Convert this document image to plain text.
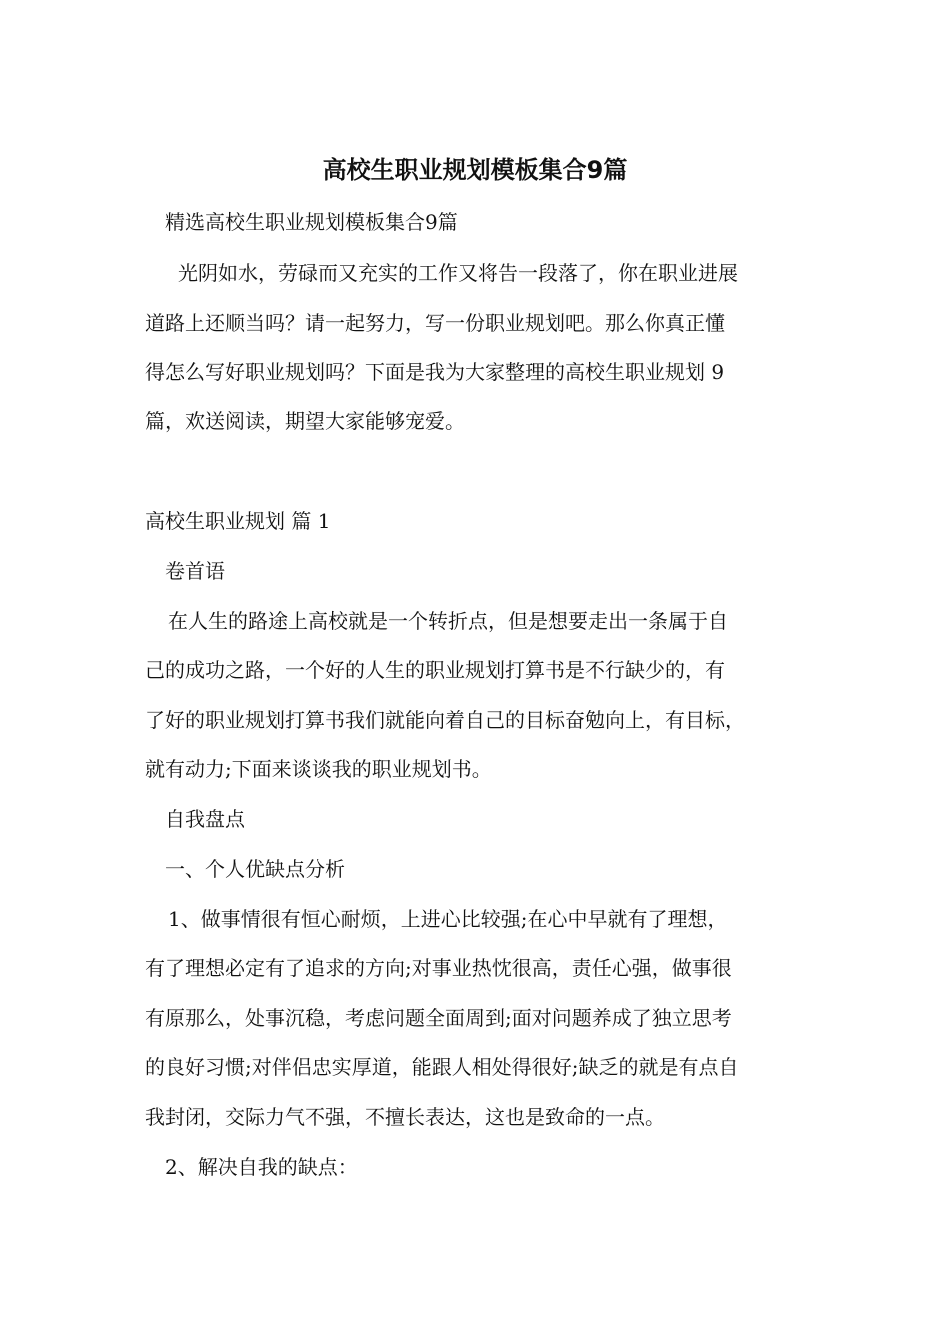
高校生职业规划模板集合9篇
精选高校生职业规划模板集合9篇
光阴如水，劳碌而又充实的工作又将告一段落了，你在职业进展
道路上还顺当吗？请一起努力，写一份职业规划吧。那么你真正懂
得怎么写好职业规划吗？下面是我为大家整理的高校生职业规划 9
篇，欢送阅读，期望大家能够宠爱。
高校生职业规划 篇 1
卷首语
在人生的路途上高校就是一个转折点，但是想要走出一条属于自
己的成功之路，一个好的人生的职业规划打算书是不行缺少的，有
了好的职业规划打算书我们就能向着自己的目标奋勉向上，有目标，
就有动力;下面来谈谈我的职业规划书。
自我盘点
一、个人优缺点分析
1、做事情很有恒心耐烦，上进心比较强;在心中早就有了理想，
有了理想必定有了追求的方向;对事业热忱很高，责任心强，做事很
有原那么，处事沉稳，考虑问题全面周到;面对问题养成了独立思考
的良好习惯;对伴侣忠实厚道，能跟人相处得很好;缺乏的就是有点自
我封闭，交际力气不强，不擅长表达，这也是致命的一点。
2、解决自我的缺点：
